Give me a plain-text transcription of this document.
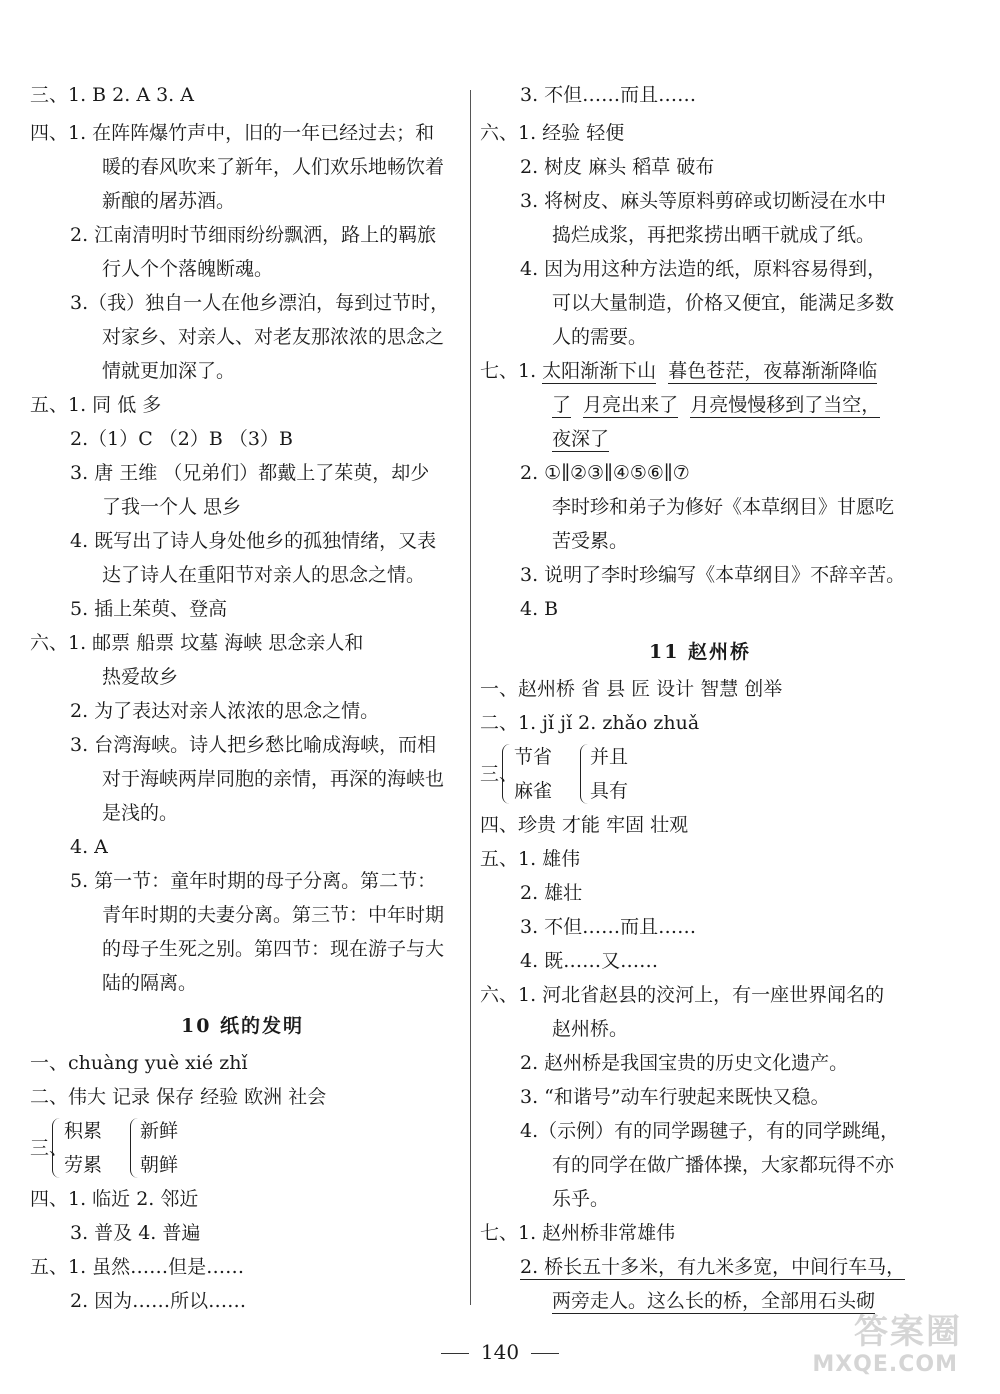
三、1. B 2. A 3. A
四、1. 在阵阵爆竹声中，旧的一年已经过去；和
暖的春风吹来了新年，人们欢乐地畅饮着
新酿的屠苏酒。
2. 江南清明时节细雨纷纷飘洒，路上的羁旅
行人个个落魄断魂。
3.（我）独自一人在他乡漂泊，每到过节时，
对家乡、对亲人、对老友那浓浓的思念之
情就更加深了。
五、1. 同 低 多
2.（1）C （2）B （3）B
3. 唐 王维 （兄弟们）都戴上了茱萸，却少
了我一个人 思乡
4. 既写出了诗人身处他乡的孤独情绪，又表
达了诗人在重阳节对亲人的思念之情。
5. 插上茱萸、登高
六、1. 邮票 船票 坟墓 海峡 思念亲人和
热爱故乡
2. 为了表达对亲人浓浓的思念之情。
3. 台湾海峡。诗人把乡愁比喻成海峡，而相
对于海峡两岸同胞的亲情，再深的海峡也
是浅的。
4. A
5. 第一节：童年时期的母子分离。第二节：
青年时期的夫妻分离。第三节：中年时期
的母子生死之别。第四节：现在游子与大
陆的隔离。
10 纸的发明
一、chuàng yuè xié zhǐ
二、伟大 记录 保存 经验 欧洲 社会
三、
积累
劳累
新鲜
朝鲜
四、1. 临近 2. 邻近
3. 普及 4. 普遍
五、1. 虽然……但是……
2. 因为……所以……
3. 不但……而且……
六、1. 经验 轻便
2. 树皮 麻头 稻草 破布
3. 将树皮、麻头等原料剪碎或切断浸在水中
捣烂成浆，再把浆捞出晒干就成了纸。
4. 因为用这种方法造的纸，原料容易得到，
可以大量制造，价格又便宜，能满足多数
人的需要。
七、1. 太阳渐渐下山 暮色苍茫，夜幕渐渐降临
了 月亮出来了 月亮慢慢移到了当空，
夜深了
2. ①∥②③∥④⑤⑥∥⑦
李时珍和弟子为修好《本草纲目》甘愿吃
苦受累。
3. 说明了李时珍编写《本草纲目》不辞辛苦。
4. B
11 赵州桥
一、赵州桥 省 县 匠 设计 智慧 创举
二、1. jǐ jǐ 2. zhǎo zhuǎ
三、
节省
麻雀
并且
具有
四、珍贵 才能 牢固 壮观
五、1. 雄伟
2. 雄壮
3. 不但……而且……
4. 既……又……
六、1. 河北省赵县的洨河上，有一座世界闻名的
赵州桥。
2. 赵州桥是我国宝贵的历史文化遗产。
3. “和谐号”动车行驶起来既快又稳。
4.（示例）有的同学踢毽子，有的同学跳绳，
有的同学在做广播体操，大家都玩得不亦
乐乎。
七、1. 赵州桥非常雄伟
2. 桥长五十多米，有九米多宽，中间行车马，
两旁走人。这么长的桥，全部用石头砌
140	答案圈
MXQE.COM
